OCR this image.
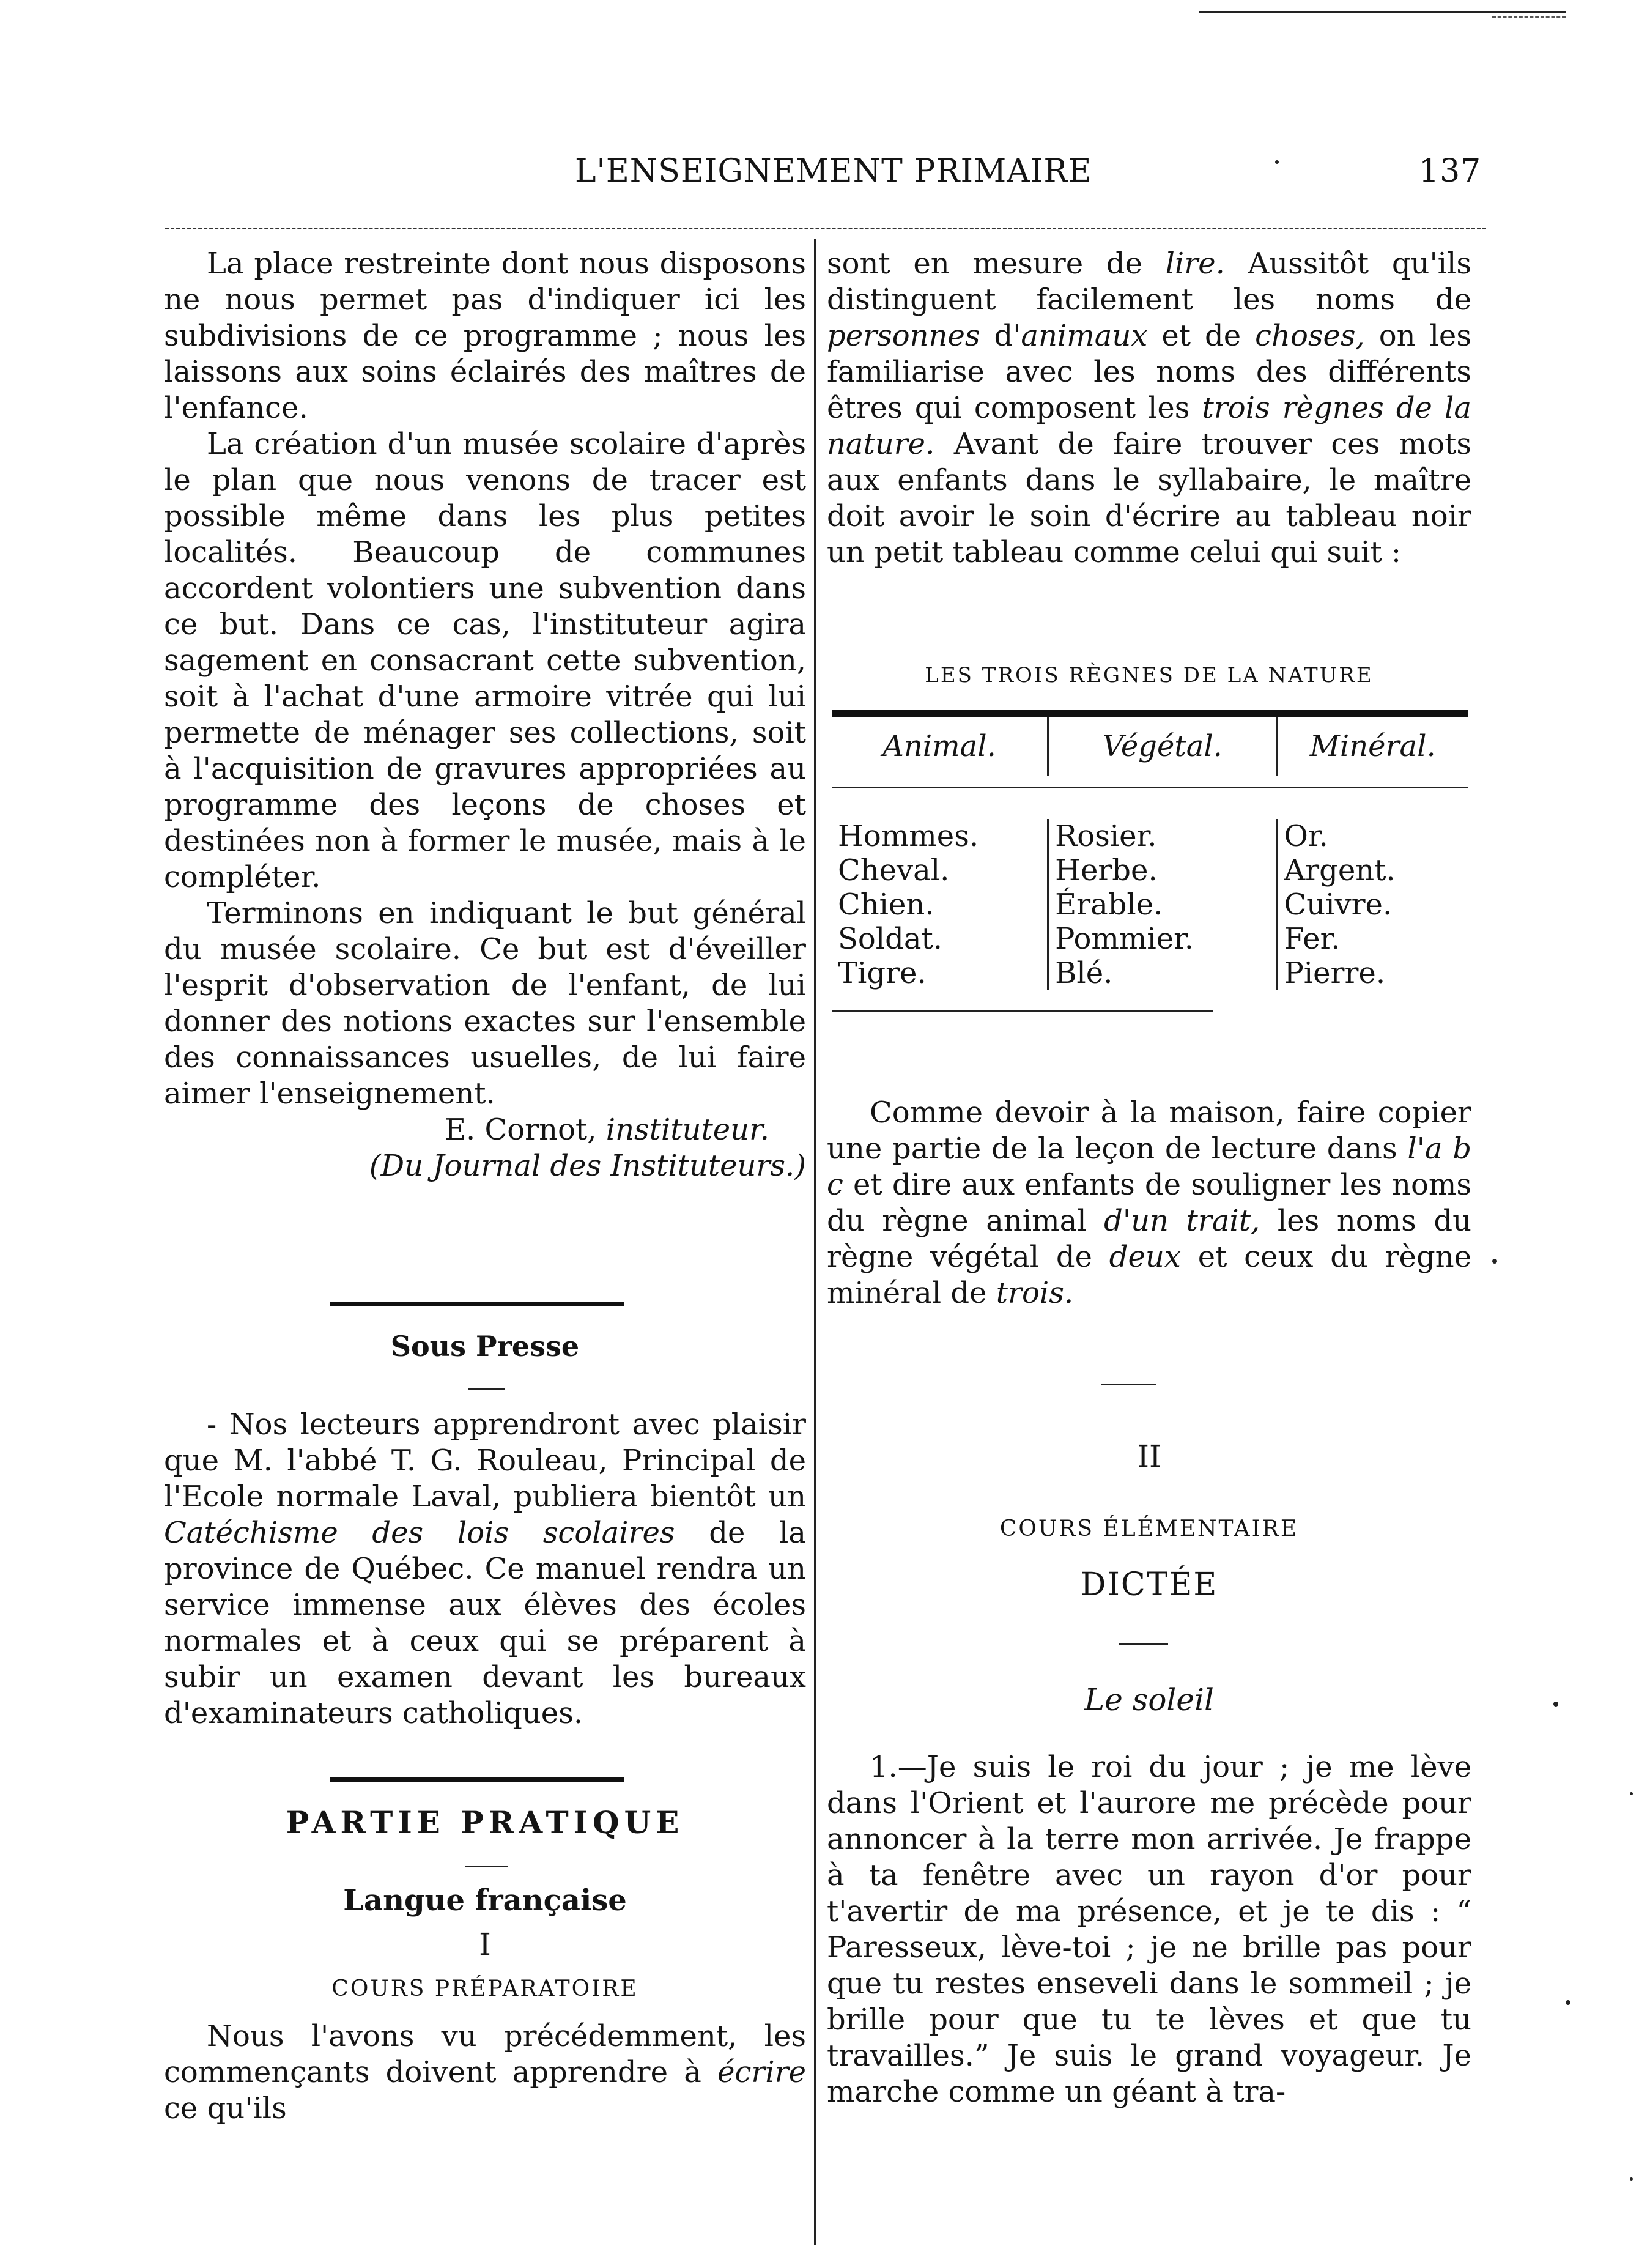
L'ENSEIGNEMENT PRIMAIRE	137

La place restreinte dont nous disposons ne nous permet pas d'indiquer ici les subdivisions de ce programme ; nous les laissons aux soins éclairés des maîtres de l'enfance.

La création d'un musée scolaire d'après le plan que nous venons de tracer est possible même dans les plus petites localités. Beaucoup de communes accordent volontiers une subvention dans ce but. Dans ce cas, l'instituteur agira sagement en consacrant cette subvention, soit à l'achat d'une armoire vitrée qui lui permette de ménager ses collections, soit à l'acquisition de gravures appropriées au programme des leçons de choses et destinées non à former le musée, mais à le compléter.

Terminons en indiquant le but général du musée scolaire. Ce but est d'éveiller l'esprit d'observation de l'enfant, de lui donner des notions exactes sur l'ensemble des connaissances usuelles, de lui faire aimer l'enseignement.

E. Cornot, instituteur.

(Du Journal des Instituteurs.)

Sous Presse

- Nos lecteurs apprendront avec plaisir que M. l'abbé T. G. Rouleau, Principal de l'Ecole normale Laval, publiera bientôt un Catéchisme des lois scolaires de la province de Québec. Ce manuel rendra un service immense aux élèves des écoles normales et à ceux qui se préparent à subir un examen devant les bureaux d'examinateurs catholiques.

PARTIE PRATIQUE
Langue française
I
COURS PRÉPARATOIRE

Nous l'avons vu précédemment, les commençants doivent apprendre à écrire ce qu'ils

sont en mesure de lire. Aussitôt qu'ils distinguent facilement les noms de personnes d'animaux et de choses, on les familiarise avec les noms des différents êtres qui composent les trois règnes de la nature. Avant de faire trouver ces mots aux enfants dans le syllabaire, le maître doit avoir le soin d'écrire au tableau noir un petit tableau comme celui qui suit :

LES TROIS RÈGNES DE LA NATURE
Animal.	Végétal.	Minéral.

Hommes.	Rosier.	Or.
Cheval.	Herbe.	Argent.
Chien.	Érable.	Cuivre.
Soldat.	Pommier.	Fer.
Tigre.	Blé.	Pierre.

Comme devoir à la maison, faire copier une partie de la leçon de lecture dans l'a b c et dire aux enfants de souligner les noms du règne animal d'un trait, les noms du règne végétal de deux et ceux du règne minéral de trois.

II
COURS ÉLÉMENTAIRE
DICTÉE
Le soleil

1.—Je suis le roi du jour ; je me lève dans l'Orient et l'aurore me précède pour annoncer à la terre mon arrivée. Je frappe à ta fenêtre avec un rayon d'or pour t'avertir de ma présence, et je te dis : “ Paresseux, lève-toi ; je ne brille pas pour que tu restes enseveli dans le sommeil ; je brille pour que tu te lèves et que tu travailles.” Je suis le grand voyageur. Je marche comme un géant à tra-
